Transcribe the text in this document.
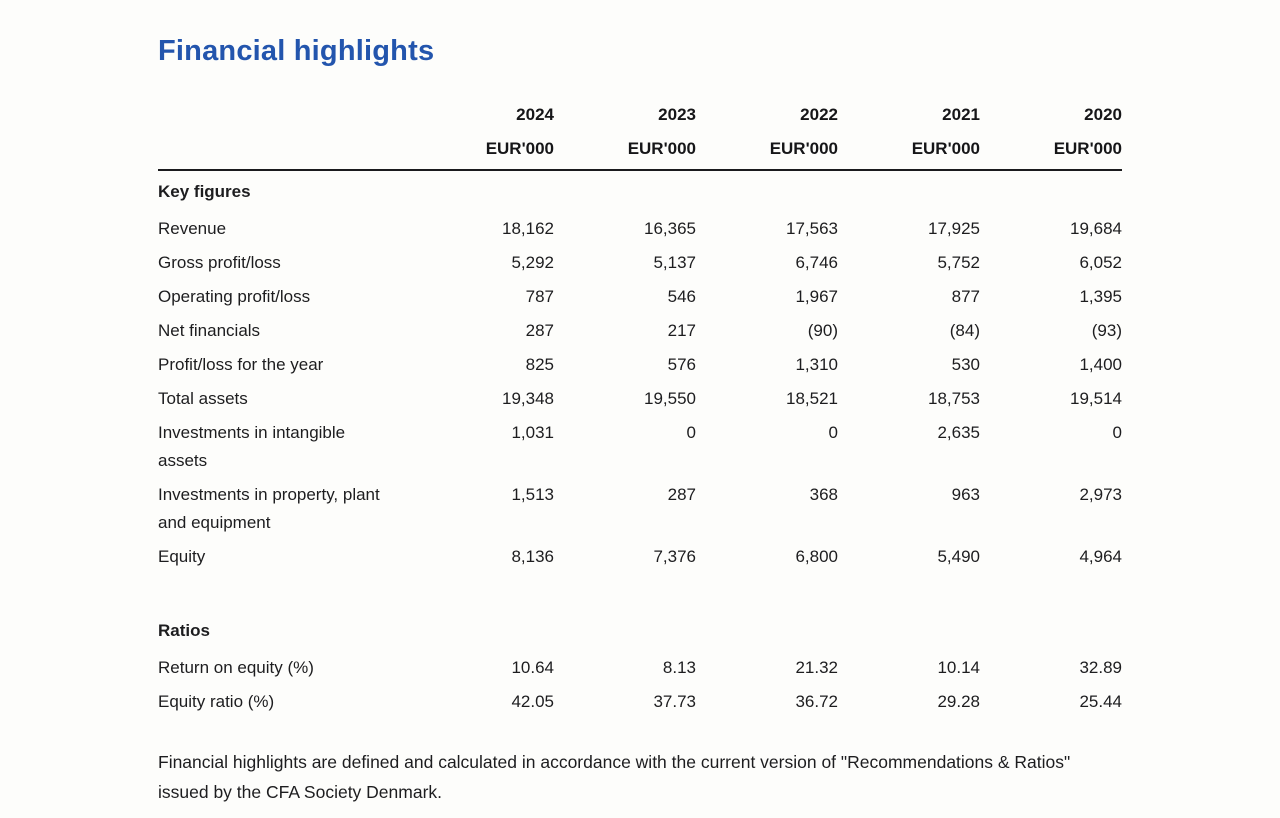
Financial highlights
	2024	2023	2022	2021	2020
	EUR'000	EUR'000	EUR'000	EUR'000	EUR'000
Key figures					
Revenue	18,162	16,365	17,563	17,925	19,684
Gross profit/loss	5,292	5,137	6,746	5,752	6,052
Operating profit/loss	787	546	1,967	877	1,395
Net financials	287	217	(90)	(84)	(93)
Profit/loss for the year	825	576	1,310	530	1,400
Total assets	19,348	19,550	18,521	18,753	19,514
Investments in intangible assets	1,031	0	0	2,635	0
Investments in property, plant and equipment	1,513	287	368	963	2,973
Equity	8,136	7,376	6,800	5,490	4,964

Ratios					
Return on equity (%)	10.64	8.13	21.32	10.14	32.89
Equity ratio (%)	42.05	37.73	36.72	29.28	25.44

Financial highlights are defined and calculated in accordance with the current version of "Recommendations & Ratios" issued by the CFA Society Denmark.
